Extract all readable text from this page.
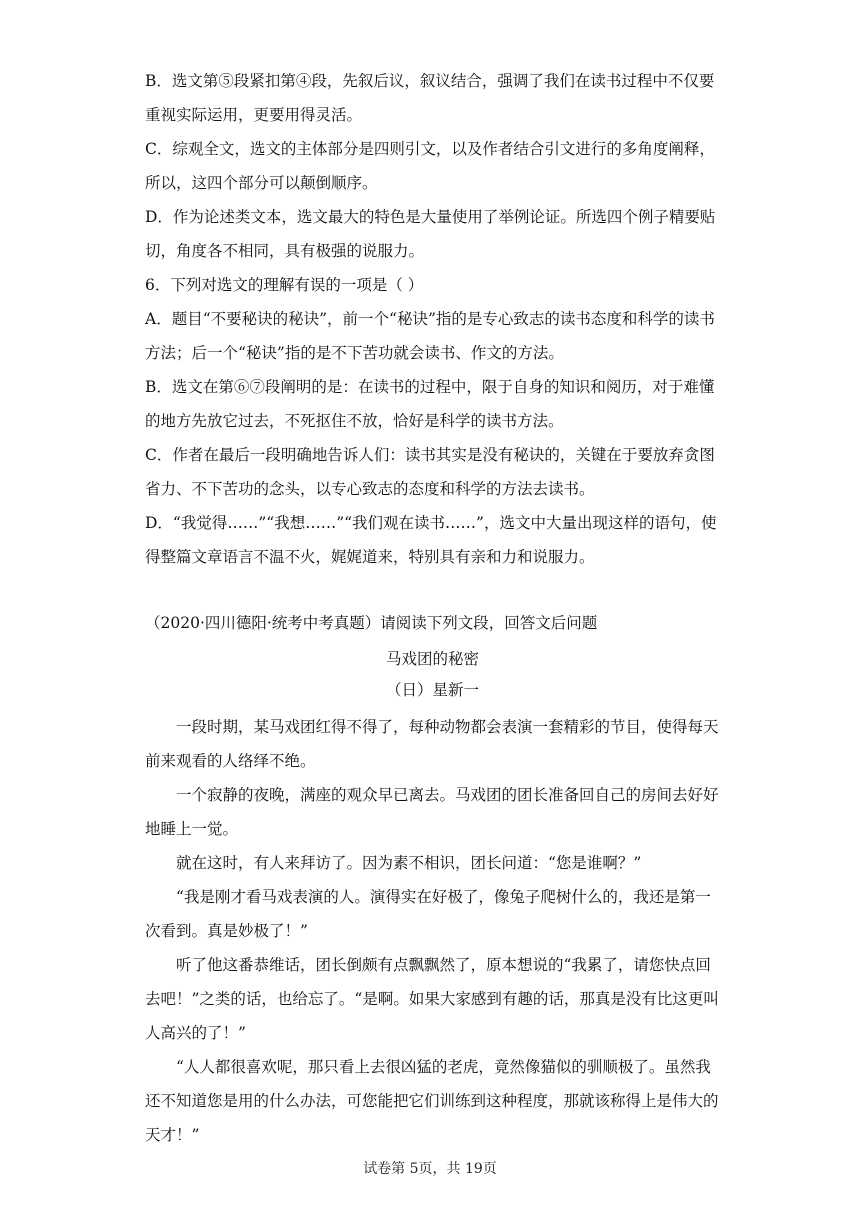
B．选文第⑤段紧扣第④段，先叙后议，叙议结合，强调了我们在读书过程中不仅要重视实际运用，更要用得灵活。

C．综观全文，选文的主体部分是四则引文，以及作者结合引文进行的多角度阐释，所以，这四个部分可以颠倒顺序。

D．作为论述类文本，选文最大的特色是大量使用了举例论证。所选四个例子精要贴切，角度各不相同，具有极强的说服力。

6．下列对选文的理解有误的一项是（ ）

A．题目“不要秘诀的秘诀”，前一个“秘诀”指的是专心致志的读书态度和科学的读书方法；后一个“秘诀”指的是不下苦功就会读书、作文的方法。

B．选文在第⑥⑦段阐明的是：在读书的过程中，限于自身的知识和阅历，对于难懂的地方先放它过去，不死抠住不放，恰好是科学的读书方法。

C．作者在最后一段明确地告诉人们：读书其实是没有秘诀的，关键在于要放弃贪图省力、不下苦功的念头，以专心致志的态度和科学的方法去读书。

D．“我觉得……”“我想……”“我们观在读书……”，选文中大量出现这样的语句，使得整篇文章语言不温不火，娓娓道来，特别具有亲和力和说服力。

（2020·四川德阳·统考中考真题）请阅读下列文段，回答文后问题

马戏团的秘密

（日）星新一

一段时期，某马戏团红得不得了，每种动物都会表演一套精彩的节目，使得每天前来观看的人络绎不绝。

一个寂静的夜晚，满座的观众早已离去。马戏团的团长准备回自己的房间去好好地睡上一觉。

就在这时，有人来拜访了。因为素不相识，团长问道：“您是谁啊？”

“我是刚才看马戏表演的人。演得实在好极了，像兔子爬树什么的，我还是第一次看到。真是妙极了！”

听了他这番恭维话，团长倒颇有点飘飘然了，原本想说的“我累了，请您快点回去吧！”之类的话，也给忘了。“是啊。如果大家感到有趣的话，那真是没有比这更叫人高兴的了！”

“人人都很喜欢呢，那只看上去很凶猛的老虎，竟然像猫似的驯顺极了。虽然我还不知道您是用的什么办法，可您能把它们训练到这种程度，那就该称得上是伟大的天才！”

试卷第 5页，共 19页
